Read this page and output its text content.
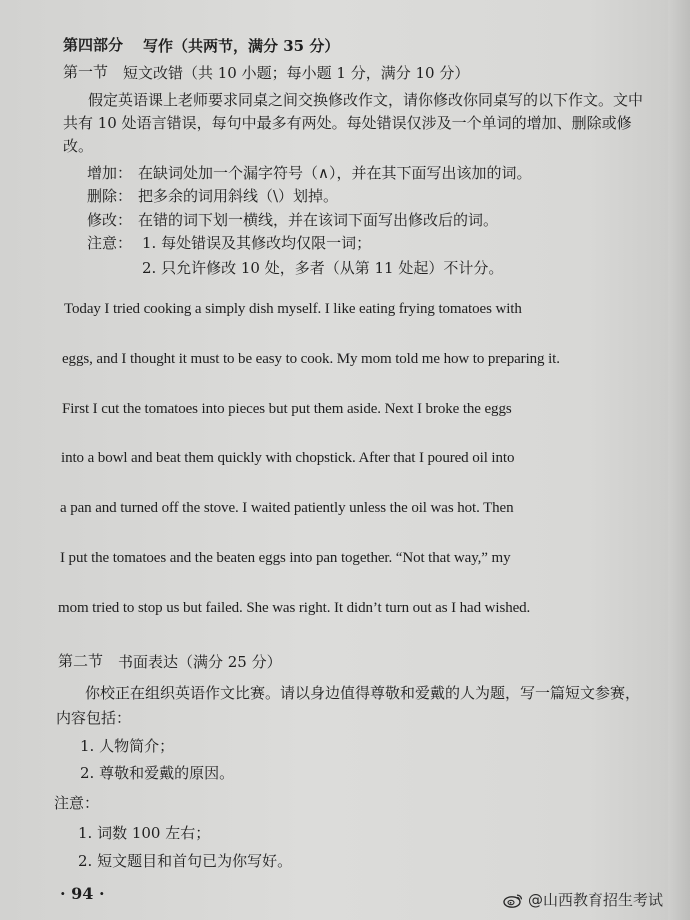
第四部分 写作（共两节，满分 35 分）
第一节 短文改错（共 10 小题；每小题 1 分，满分 10 分）
假定英语课上老师要求同桌之间交换修改作文，请你修改你同桌写的以下作文。文中
共有 10 处语言错误，每句中最多有两处。每处错误仅涉及一个单词的增加、删除或修
改。
增加： 在缺词处加一个漏字符号（∧），并在其下面写出该加的词。
删除： 把多余的词用斜线（\）划掉。
修改： 在错的词下划一横线，并在该词下面写出修改后的词。
注意： 1. 每处错误及其修改均仅限一词；
2. 只允许修改 10 处，多者（从第 11 处起）不计分。
Today I tried cooking a simply dish myself. I like eating frying tomatoes with
eggs, and I thought it must to be easy to cook. My mom told me how to preparing it.
First I cut the tomatoes into pieces but put them aside. Next I broke the eggs
into a bowl and beat them quickly with chopstick. After that I poured oil into
a pan and turned off the stove. I waited patiently unless the oil was hot. Then
I put the tomatoes and the beaten eggs into pan together. “Not that way,” my
mom tried to stop us but failed. She was right. It didn’t turn out as I had wished.
第二节 书面表达（满分 25 分）
你校正在组织英语作文比赛。请以身边值得尊敬和爱戴的人为题，写一篇短文参赛，
内容包括：
1. 人物简介；
2. 尊敬和爱戴的原因。
注意：
1. 词数 100 左右；
2. 短文题目和首句已为你写好。
· 94 ·	@山西教育招生考试
